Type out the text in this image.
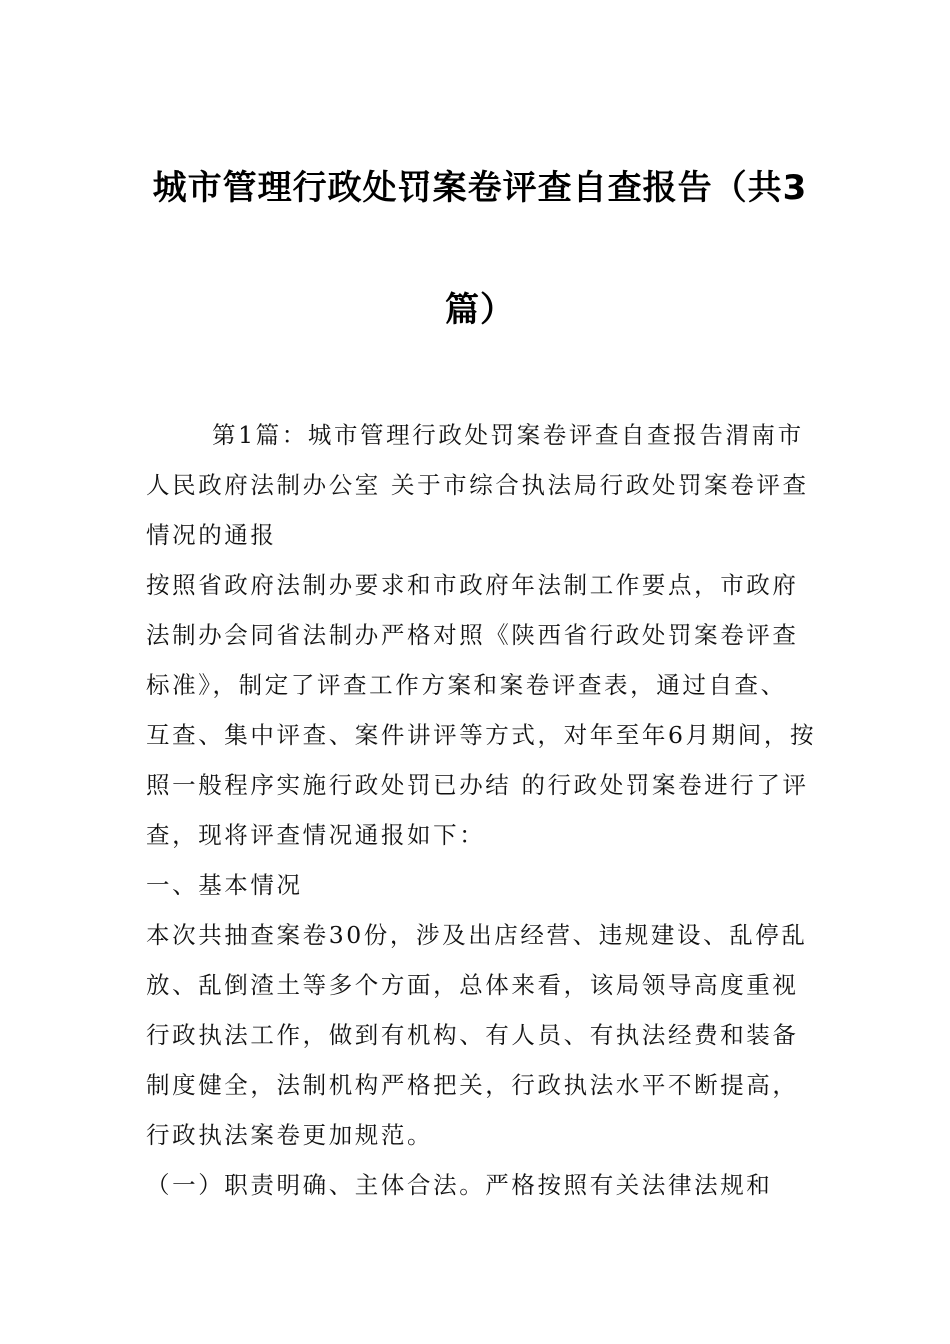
城市管理行政处罚案卷评查自查报告（共3
篇）

第1篇：城市管理行政处罚案卷评查自查报告渭南市
人民政府法制办公室 关于市综合执法局行政处罚案卷评查
情况的通报

按照省政府法制办要求和市政府年法制工作要点，市政府
法制办会同省法制办严格对照《陕西省行政处罚案卷评查
标准》，制定了评查工作方案和案卷评查表，通过自查、
互查、集中评查、案件讲评等方式，对年至年6月期间，按
照一般程序实施行政处罚已办结 的行政处罚案卷进行了评
查，现将评查情况通报如下：

一、基本情况

本次共抽查案卷30份，涉及出店经营、违规建设、乱停乱
放、乱倒渣土等多个方面，总体来看，该局领导高度重视
行政执法工作，做到有机构、有人员、有执法经费和装备
制度健全，法制机构严格把关，行政执法水平不断提高，
行政执法案卷更加规范。

（一）职责明确、主体合法。严格按照有关法律法规和
